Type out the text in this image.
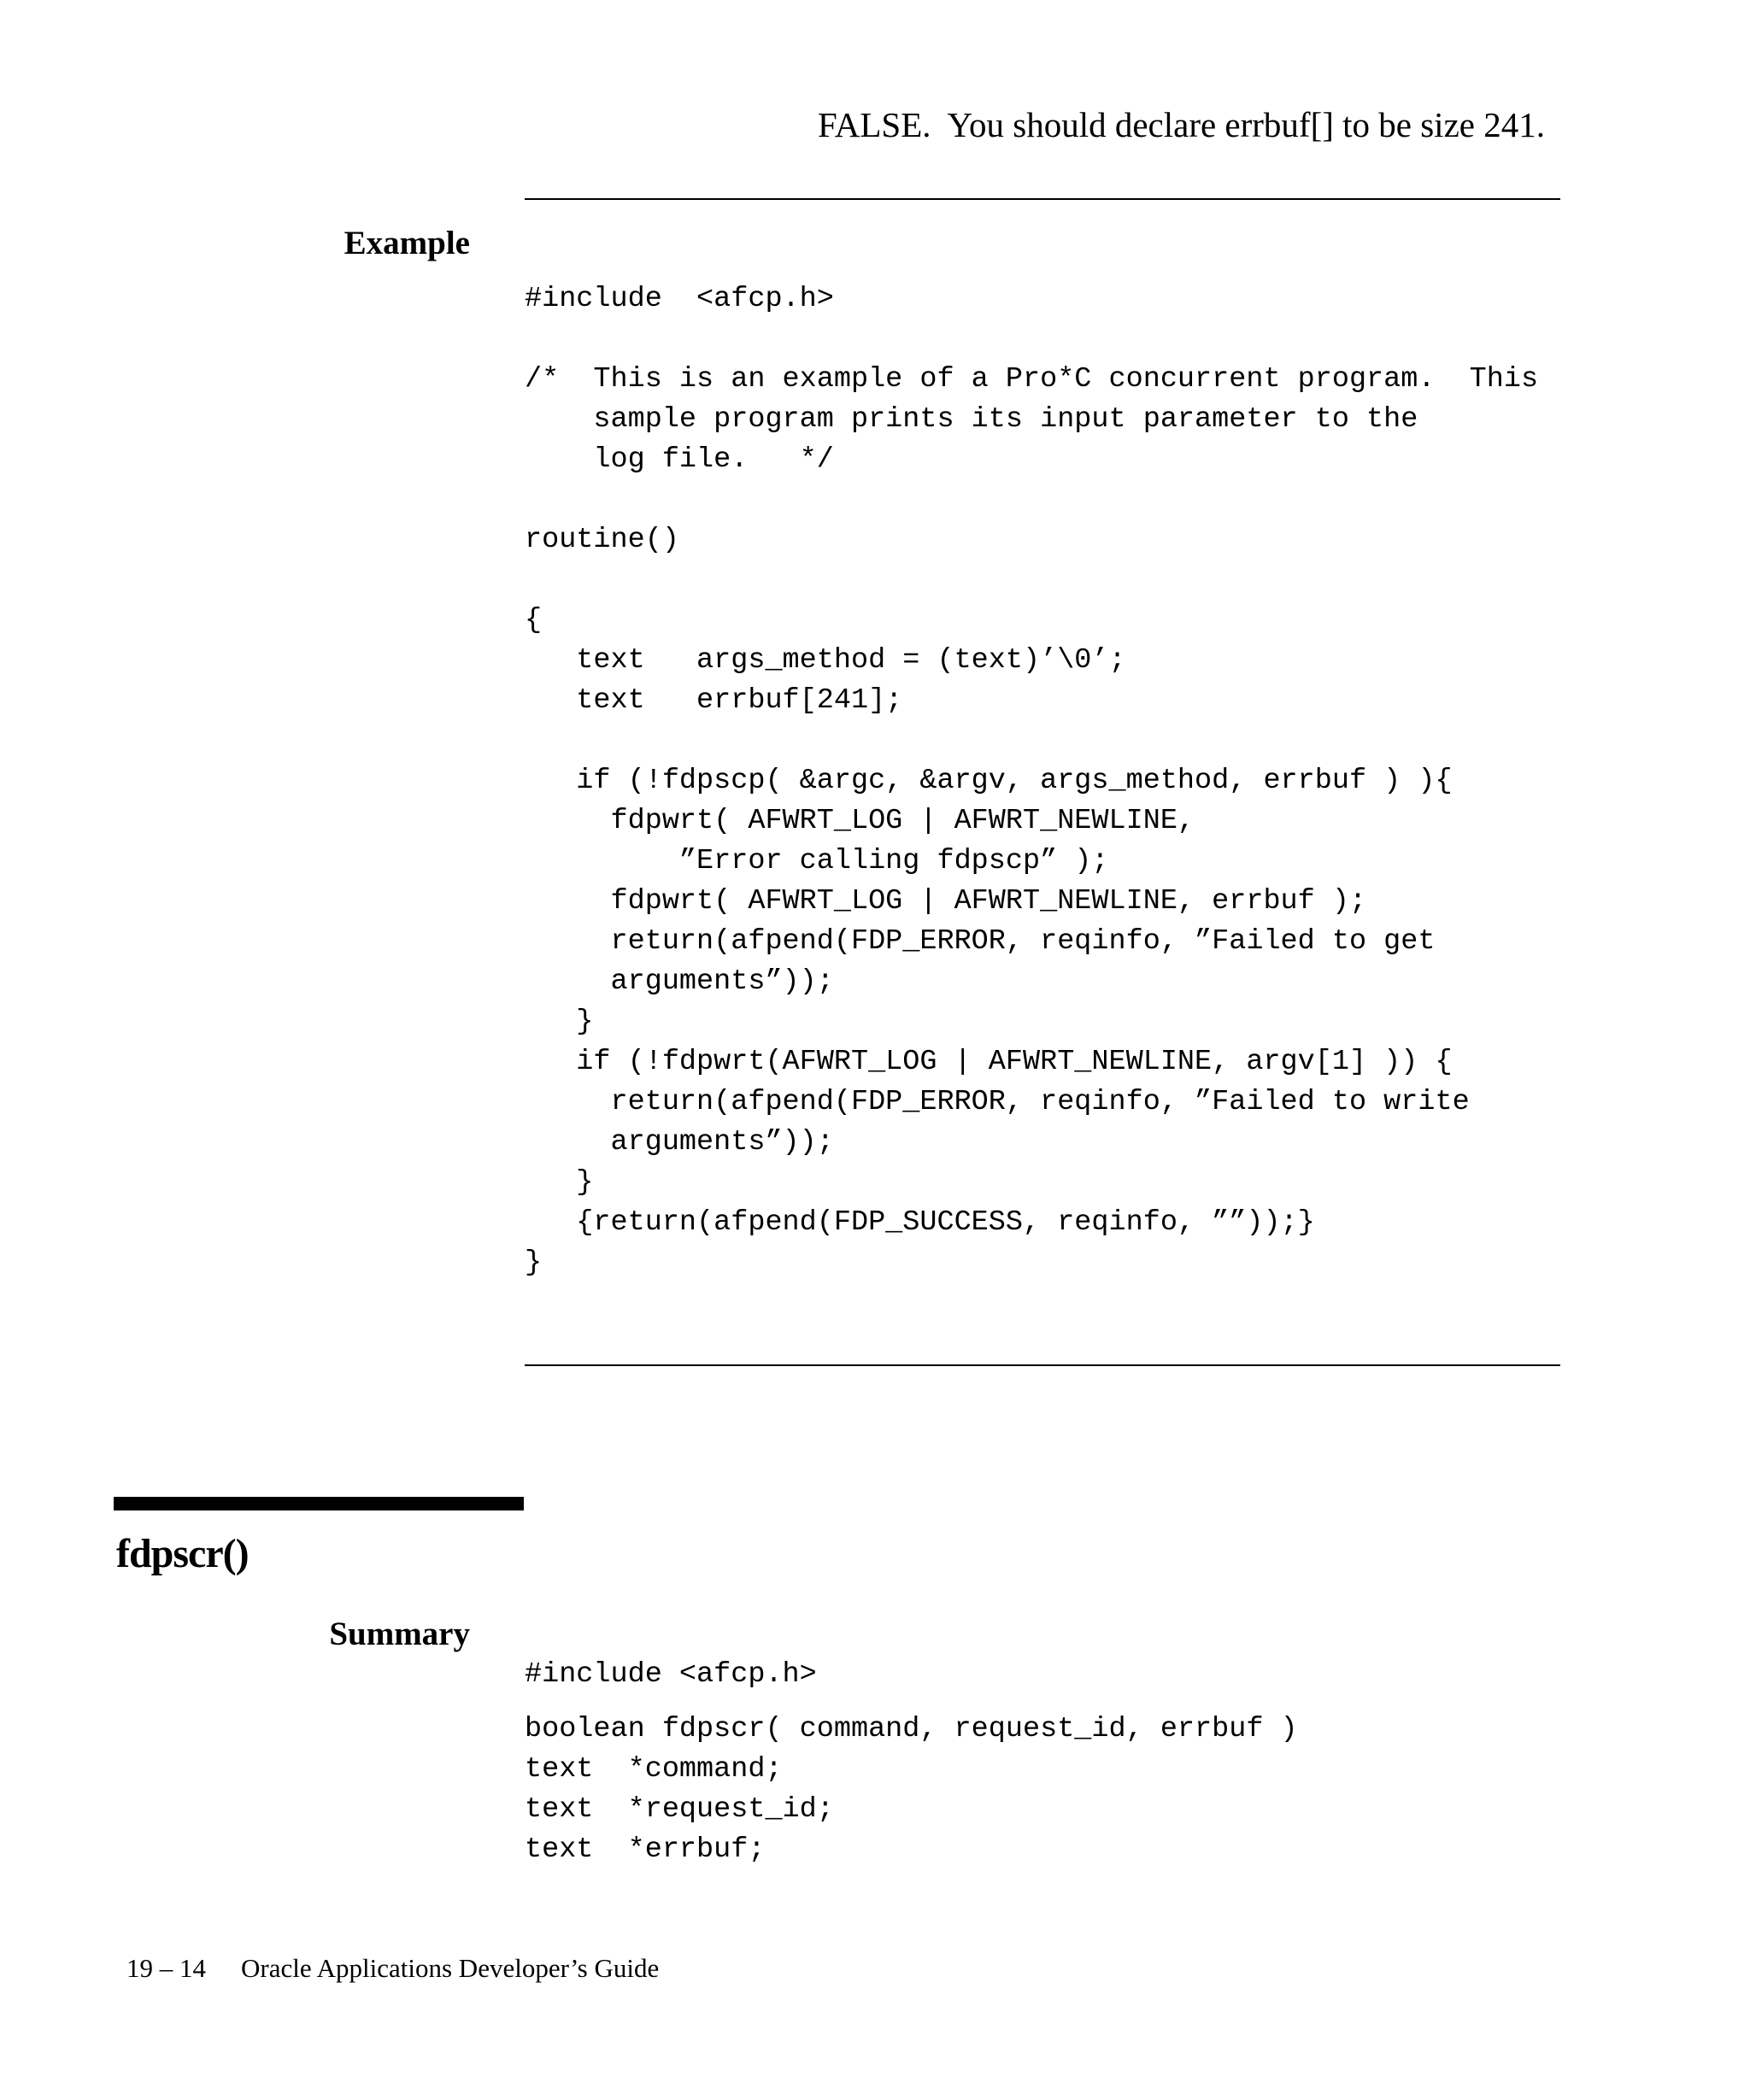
FALSE.  You should declare errbuf[] to be size 241.
Example
#include  <afcp.h>

/*  This is an example of a Pro*C concurrent program.  This
sample program prints its input parameter to the
log file.   */

routine()

{
text   args_method = (text)’\0’;
text   errbuf[241];

if (!fdpscp( &argc, &argv, args_method, errbuf ) ){
fdpwrt( AFWRT_LOG | AFWRT_NEWLINE,
”Error calling fdpscp” );
fdpwrt( AFWRT_LOG | AFWRT_NEWLINE, errbuf );
return(afpend(FDP_ERROR, reqinfo, ”Failed to get
arguments”));
}
if (!fdpwrt(AFWRT_LOG | AFWRT_NEWLINE, argv[1] )) {
return(afpend(FDP_ERROR, reqinfo, ”Failed to write
arguments”));
}
{return(afpend(FDP_SUCCESS, reqinfo, ””));}
}
fdpscr()
Summary
#include <afcp.h>
boolean fdpscr( command, request_id, errbuf )
text  *command;
text  *request_id;
text  *errbuf;
19 – 14 Oracle Applications Developer’s Guide
